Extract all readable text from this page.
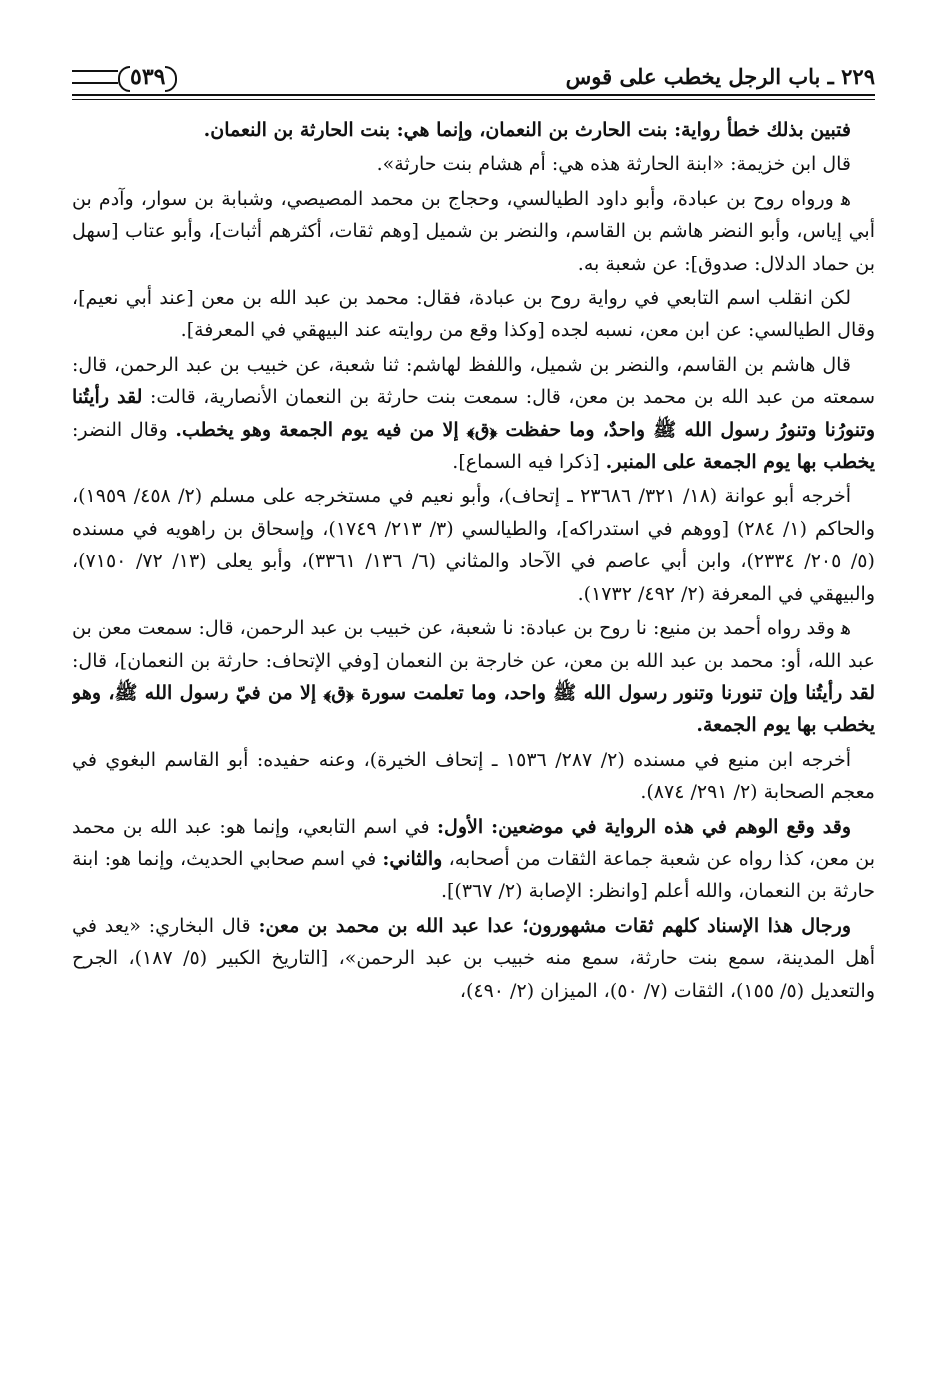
٢٢٩ ـ باب الرجل يخطب على قوس
٥٣٩

فتبين بذلك خطأ رواية: بنت الحارث بن النعمان، وإنما هي: بنت الحارثة بن النعمان.

قال ابن خزيمة: «ابنة الحارثة هذه هي: أم هشام بنت حارثة».

ﻫ ورواه روح بن عبادة، وأبو داود الطيالسي، وحجاج بن محمد المصيصي، وشبابة بن سوار، وآدم بن أبي إياس، وأبو النضر هاشم بن القاسم، والنضر بن شميل [وهم ثقات، أكثرهم أثبات]، وأبو عتاب [سهل بن حماد الدلال: صدوق]: عن شعبة به.

لكن انقلب اسم التابعي في رواية روح بن عبادة، فقال: محمد بن عبد الله بن معن [عند أبي نعيم]، وقال الطيالسي: عن ابن معن، نسبه لجده [وكذا وقع من روايته عند البيهقي في المعرفة].

قال هاشم بن القاسم، والنضر بن شميل، واللفظ لهاشم: ثنا شعبة، عن خبيب بن عبد الرحمن، قال: سمعته من عبد الله بن محمد بن معن، قال: سمعت بنت حارثة بن النعمان الأنصارية، قالت: لقد رأيتُنا وتنورُنا وتنورُ رسول الله ﷺ واحدٌ، وما حفظت ﴿ق﴾ إلا من فيه يوم الجمعة وهو يخطب. وقال النضر: يخطب بها يوم الجمعة على المنبر. [ذكرا فيه السماع].

أخرجه أبو عوانة (١٨/ ٣٢١/ ٢٣٦٨٦ ـ إتحاف)، وأبو نعيم في مستخرجه على مسلم (٢/ ٤٥٨/ ١٩٥٩)، والحاكم (١/ ٢٨٤) [ووهم في استدراكه]، والطيالسي (٣/ ٢١٣/ ١٧٤٩)، وإسحاق بن راهويه في مسنده (٥/ ٢٠٥/ ٢٣٣٤)، وابن أبي عاصم في الآحاد والمثاني (٦/ ١٣٦/ ٣٣٦١)، وأبو يعلى (١٣/ ٧٢/ ٧١٥٠)، والبيهقي في المعرفة (٢/ ٤٩٢/ ١٧٣٢).

ﻫ وقد رواه أحمد بن منيع: نا روح بن عبادة: نا شعبة، عن خبيب بن عبد الرحمن، قال: سمعت معن بن عبد الله، أو: محمد بن عبد الله بن معن، عن خارجة بن النعمان [وفي الإتحاف: حارثة بن النعمان]، قال: لقد رأيتُنا وإن تنورنا وتنور رسول الله ﷺ واحد، وما تعلمت سورة ﴿ق﴾ إلا من فيّ رسول الله ﷺ، وهو يخطب بها يوم الجمعة.

أخرجه ابن منيع في مسنده (٢/ ٢٨٧/ ١٥٣٦ ـ إتحاف الخيرة)، وعنه حفيده: أبو القاسم البغوي في معجم الصحابة (٢/ ٢٩١/ ٨٧٤).

وقد وقع الوهم في هذه الرواية في موضعين: الأول: في اسم التابعي، وإنما هو: عبد الله بن محمد بن معن، كذا رواه عن شعبة جماعة الثقات من أصحابه، والثاني: في اسم صحابي الحديث، وإنما هو: ابنة حارثة بن النعمان، والله أعلم [وانظر: الإصابة (٢/ ٣٦٧)].

ورجال هذا الإسناد كلهم ثقات مشهورون؛ عدا عبد الله بن محمد بن معن: قال البخاري: «يعد في أهل المدينة، سمع بنت حارثة، سمع منه خبيب بن عبد الرحمن»، [التاريخ الكبير (٥/ ١٨٧)، الجرح والتعديل (٥/ ١٥٥)، الثقات (٧/ ٥٠)، الميزان (٢/ ٤٩٠)،
